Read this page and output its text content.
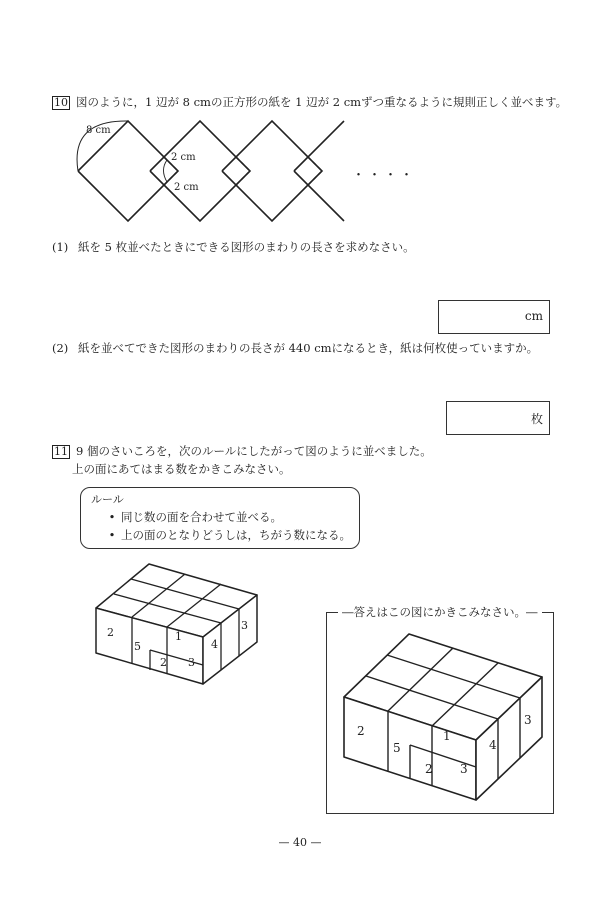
10 図のように，1 辺が 8 cmの正方形の紙を 1 辺が 2 cmずつ重なるように規則正しく並べます。
8 cm
2 cm
2 cm
・・・・
(1) 紙を 5 枚並べたときにできる図形のまわりの長さを求めなさい。
cm
(2) 紙を並べてできた図形のまわりの長さが 440 cmになるとき，紙は何枚使っていますか。
枚
11 9 個のさいころを，次のルールにしたがって図のように並べました。
上の面にあてはまる数をかきこみなさい。
ルール
• 同じ数の面を合わせて並べる。
• 上の面のとなりどうしは，ちがう数になる。
2
5
1
2 3
4
3
―答えはこの図にかきこみなさい。―
2
5
1
2 3
4
3
— 40 —
